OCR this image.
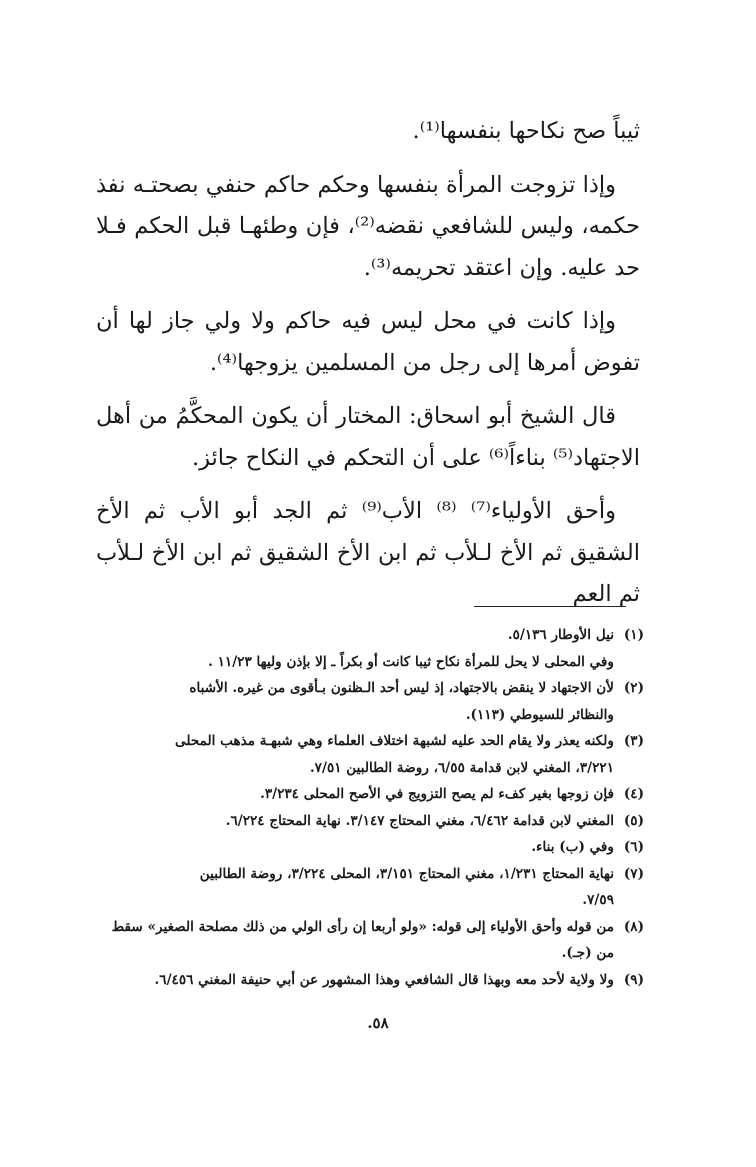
ثيباً صح نكاحها بنفسها⁽¹⁾.

وإذا تزوجت المرأة بنفسها وحكم حاكم حنفي بصحتـه نفذ حكمه، وليس للشافعي نقضه⁽²⁾، فإن وطئهـا قبل الحكم فـلا حد عليه. وإن اعتقد تحريمه⁽³⁾.

وإذا كانت في محل ليس فيه حاكم ولا ولي جاز لها أن تفوض أمرها إلى رجل من المسلمين يزوجها⁽⁴⁾.

قال الشيخ أبو اسحاق: المختار أن يكون المحكَّمُ من أهل الاجتهاد⁽⁵⁾ بناءاً⁽⁶⁾ على أن التحكم في النكاح جائز.

وأحق الأولياء⁽⁷⁾ ⁽⁸⁾ الأب⁽⁹⁾ ثم الجد أبو الأب ثم الأخ الشقيق ثم الأخ لـلأب ثم ابن الأخ الشقيق ثم ابن الأخ لـلأب ثم العم

(١)
نيل الأوطار ٥/١٣٦.
وفي المحلى لا يحل للمرأة نكاح ثيبا كانت أو بكراً ـ إلا بإذن وليها ١١/٢٣ .
(٢)
لأن الاجتهاد لا ينقض بالاجتهاد، إذ ليس أحد الـظنون بـأقوى من غيره. الأشباه
والنظائر للسيوطي (١١٣).
(٣)
ولكنه يعذر ولا يقام الحد عليه لشبهة اختلاف العلماء وهي شبهـة مذهب المحلى
٣/٢٢١، المغني لابن قدامة ٦/٥٥، روضة الطالبين ٧/٥١.
(٤)
فإن زوجها بغير كفء لم يصح التزويج في الأصح المحلى ٣/٢٣٤.
(٥)
المغني لابن قدامة ٦/٤٦٢، مغني المحتاج ٣/١٤٧. نهاية المحتاج ٦/٢٢٤.
(٦)
وفي (ب) بناء.
(٧)
نهاية المحتاج ١/٢٣١، مغني المحتاج ٣/١٥١، المحلى ٣/٢٢٤، روضة الطالبين
٧/٥٩.
(٨)
من قوله وأحق الأولياء إلى قوله: «ولو أربعا إن رأى الولي من ذلك مصلحة الصغير» سقط
من (جـ).
(٩)
ولا ولاية لأحد معه وبهذا قال الشافعي وهذا المشهور عن أبي حنيفة المغني ٦/٤٥٦.
٥٨.
